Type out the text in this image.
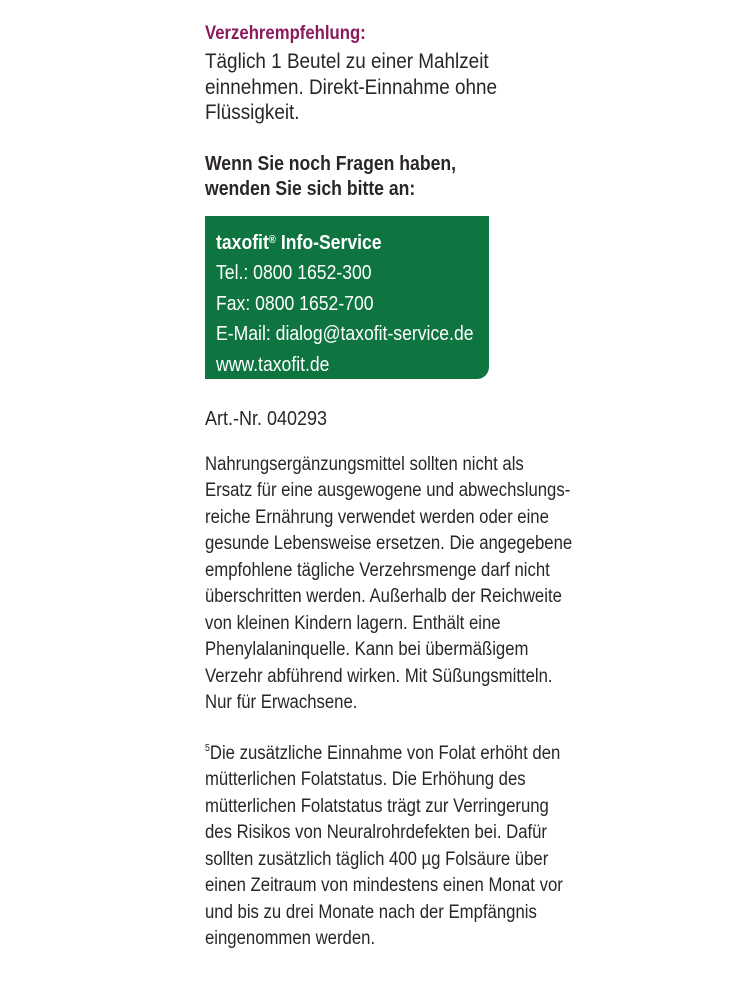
Verzehrempfehlung:

Täglich 1 Beutel zu einer Mahlzeit
einnehmen. Direkt-Einnahme ohne
Flüssigkeit.

Wenn Sie noch Fragen haben,
wenden Sie sich bitte an:

taxofit® Info-Service
Tel.: 0800 1652-300
Fax: 0800 1652-700
E-Mail: dialog@taxofit-service.de
www.taxofit.de
Art.-Nr. 040293

Nahrungsergänzungsmittel sollten nicht als
Ersatz für eine ausgewogene und abwechslungs-
reiche Ernährung verwendet werden oder eine
gesunde Lebensweise ersetzen. Die angegebene
empfohlene tägliche Verzehrsmenge darf nicht
überschritten werden. Außerhalb der Reichweite
von kleinen Kindern lagern. Enthält eine
Phenylalaninquelle. Kann bei übermäßigem
Verzehr abführend wirken. Mit Süßungsmitteln.
Nur für Erwachsene.

$^5$Die zusätzliche Einnahme von Folat erhöht den
mütterlichen Folatstatus. Die Erhöhung des
mütterlichen Folatstatus trägt zur Verringerung
des Risikos von Neuralrohrdefekten bei. Dafür
sollten zusätzlich täglich 400 µg Folsäure über
einen Zeitraum von mindestens einen Monat vor
und bis zu drei Monate nach der Empfängnis
eingenommen werden.
